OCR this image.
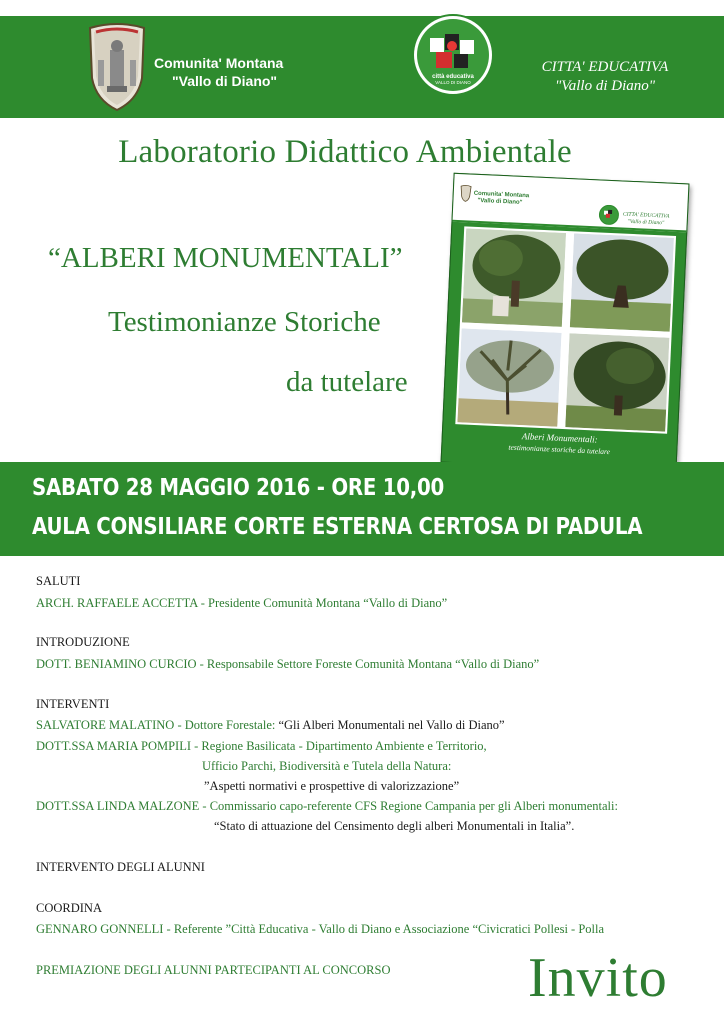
Comunita' Montana
"Vallo di Diano"	città educativa
VALLO DI DIANO
CITTA' EDUCATIVA
"Vallo di Diano"
Laboratorio Didattico Ambientale
“ALBERI MONUMENTALI”
Testimonianze Storiche
da tutelare
Comunita' Montana
"Vallo di Diano"
CITTA' EDUCATIVA
"Vallo di Diano"
Alberi Monumentali:
testimonianze storiche da tutelare
SABATO 28 MAGGIO 2016 - ORE 10,00
AULA CONSILIARE CORTE ESTERNA CERTOSA DI PADULA
SALUTI
ARCH. RAFFAELE ACCETTA - Presidente Comunità Montana “Vallo di Diano”
INTRODUZIONE
DOTT. BENIAMINO CURCIO - Responsabile Settore Foreste Comunità Montana “Vallo di Diano”
INTERVENTI
SALVATORE MALATINO - Dottore Forestale: “Gli Alberi Monumentali nel Vallo di Diano”
DOTT.SSA MARIA POMPILI - Regione Basilicata - Dipartimento Ambiente e Territorio,
Ufficio Parchi, Biodiversità e Tutela della Natura:
”Aspetti normativi e prospettive di valorizzazione”
DOTT.SSA LINDA MALZONE - Commissario capo-referente CFS Regione Campania per gli Alberi monumentali:
“Stato di attuazione del Censimento degli alberi Monumentali in Italia”.
INTERVENTO DEGLI ALUNNI
COORDINA
GENNARO GONNELLI - Referente ”Città Educativa - Vallo di Diano e Associazione “Civicratici Pollesi - Polla
PREMIAZIONE DEGLI ALUNNI PARTECIPANTI AL CONCORSO Invito
